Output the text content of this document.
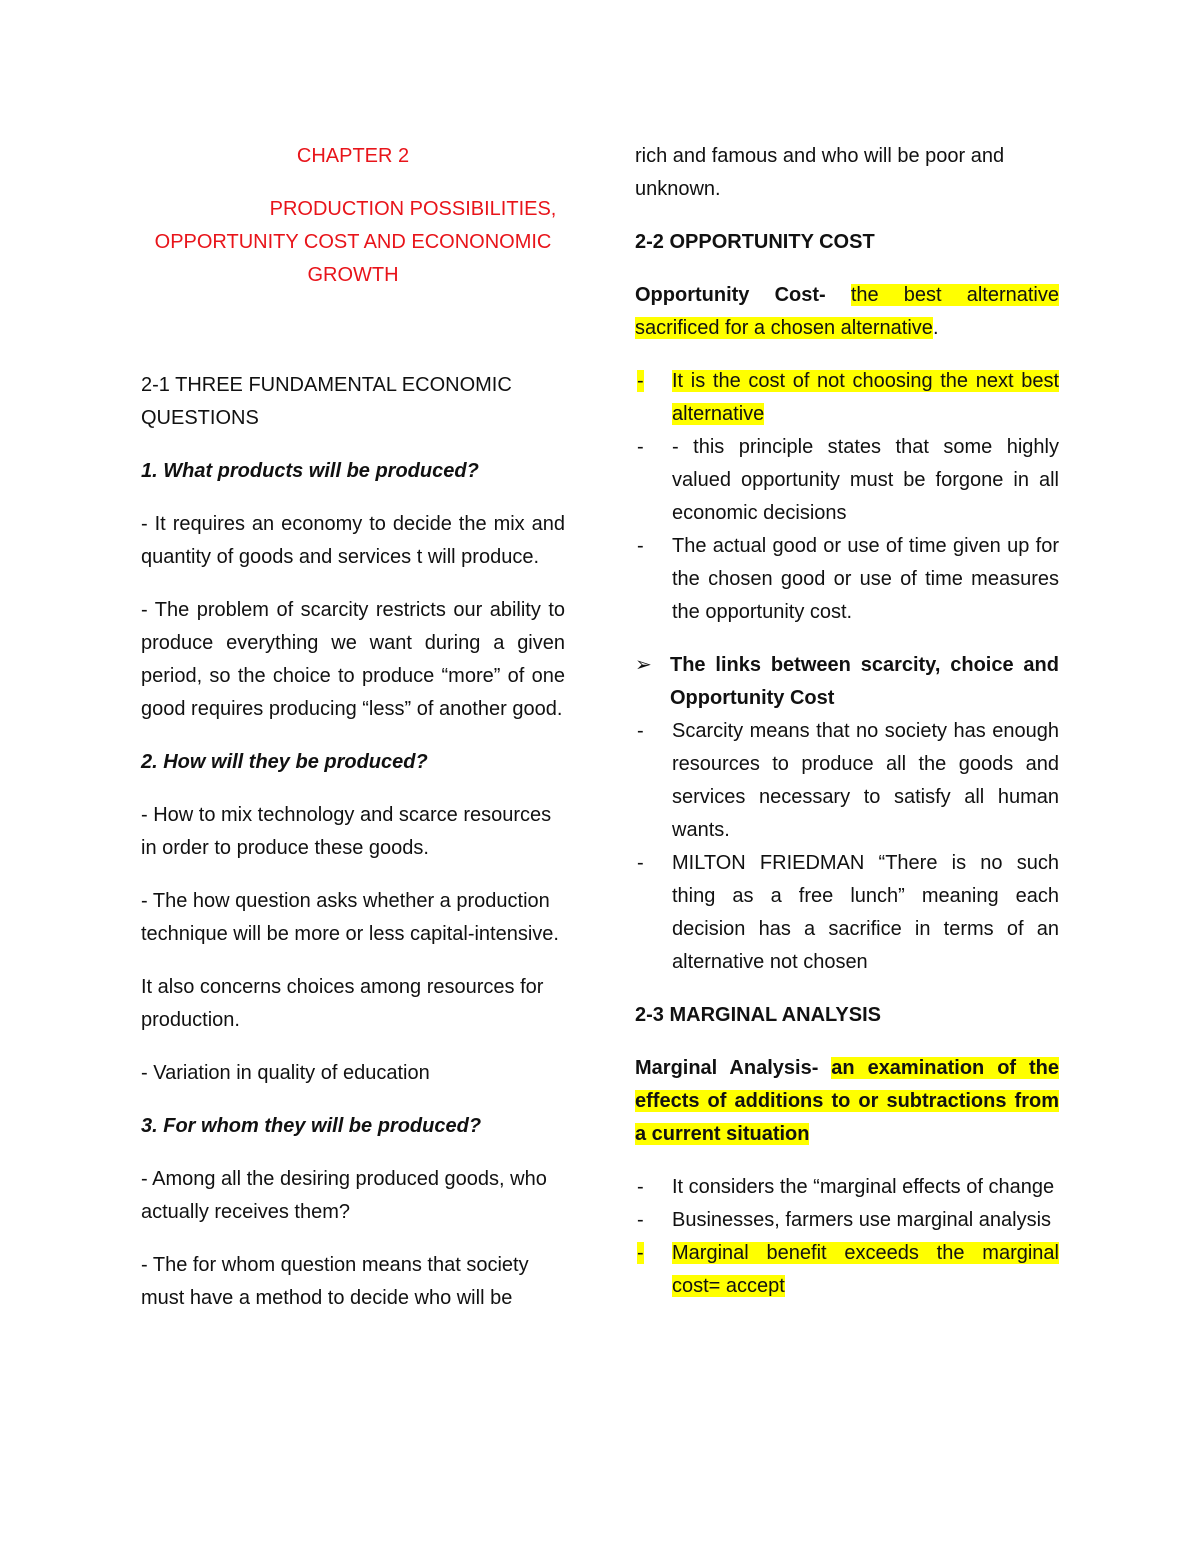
CHAPTER 2

PRODUCTION POSSIBILITIES,

OPPORTUNITY COST AND ECONONOMIC

GROWTH

2-1 THREE FUNDAMENTAL ECONOMIC QUESTIONS

1. What products will be produced?

- It requires an economy to decide the mix and quantity of goods and services t will produce.

- The problem of scarcity restricts our ability to produce everything we want during a given period, so the choice to produce “more” of one good requires producing “less” of another good.

2. How will they be produced?

- How to mix technology and scarce resources in order to produce these goods.

- The how question asks whether a production technique will be more or less capital-intensive.

It also concerns choices among resources for production.

- Variation in quality of education

3. For whom they will be produced?

- Among all the desiring produced goods, who actually receives them?

- The for whom question means that society must have a method to decide who will be

rich and famous and who will be poor and unknown.

2-2 OPPORTUNITY COST

Opportunity Cost- the best alternative sacrificed for a chosen alternative.

-	It is the cost of not choosing the next best alternative
-	- this principle states that some highly valued opportunity must be forgone in all economic decisions
-	The actual good or use of time given up for the chosen good or use of time measures the opportunity cost.
➢ The links between scarcity, choice and Opportunity Cost
-	Scarcity means that no society has enough resources to produce all the goods and services necessary to satisfy all human wants.
-	MILTON FRIEDMAN “There is no such thing as a free lunch” meaning each decision has a sacrifice in terms of an alternative not chosen

2-3 MARGINAL ANALYSIS

Marginal Analysis- an examination of the effects of additions to or subtractions from a current situation

-	It considers the “marginal effects of change
-	Businesses, farmers use marginal analysis
-	Marginal benefit exceeds the marginal cost= accept
